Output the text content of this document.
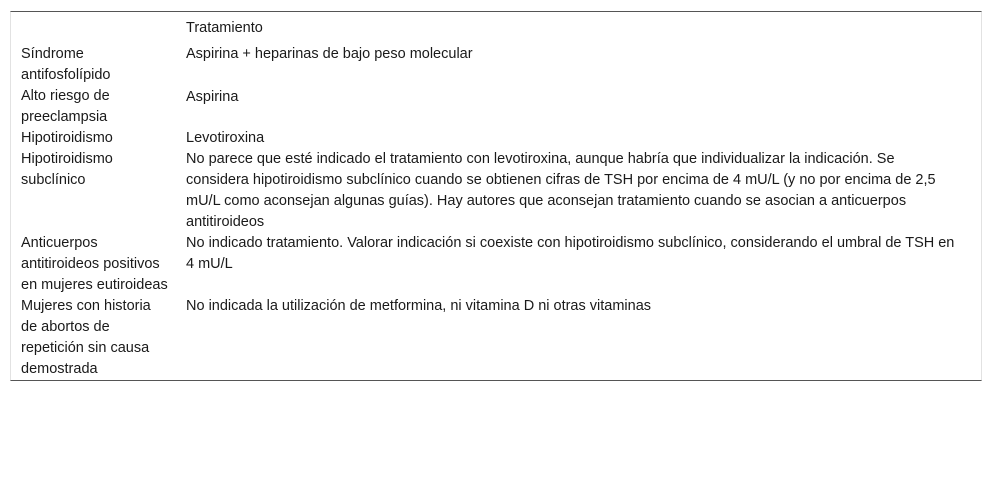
	Tratamiento
Síndrome antifosfolípido	Aspirina + heparinas de bajo peso molecular
Alto riesgo de preeclampsia	Aspirina
Hipotiroidismo	Levotiroxina
Hipotiroidismo subclínico	No parece que esté indicado el tratamiento con levotiroxina, aunque habría que individualizar la indicación. Se considera hipotiroidismo subclínico cuando se obtienen cifras de TSH por encima de 4 mU/L (y no por encima de 2,5 mU/L como aconsejan algunas guías). Hay autores que aconsejan tratamiento cuando se asocian a anticuerpos antitiroideos
Anticuerpos antitiroideos positivos en mujeres eutiroideas	No indicado tratamiento. Valorar indicación si coexiste con hipotiroidismo subclínico, considerando el umbral de TSH en 4 mU/L
Mujeres con historia de abortos de repetición sin causa demostrada	No indicada la utilización de metformina, ni vitamina D ni otras vitaminas
